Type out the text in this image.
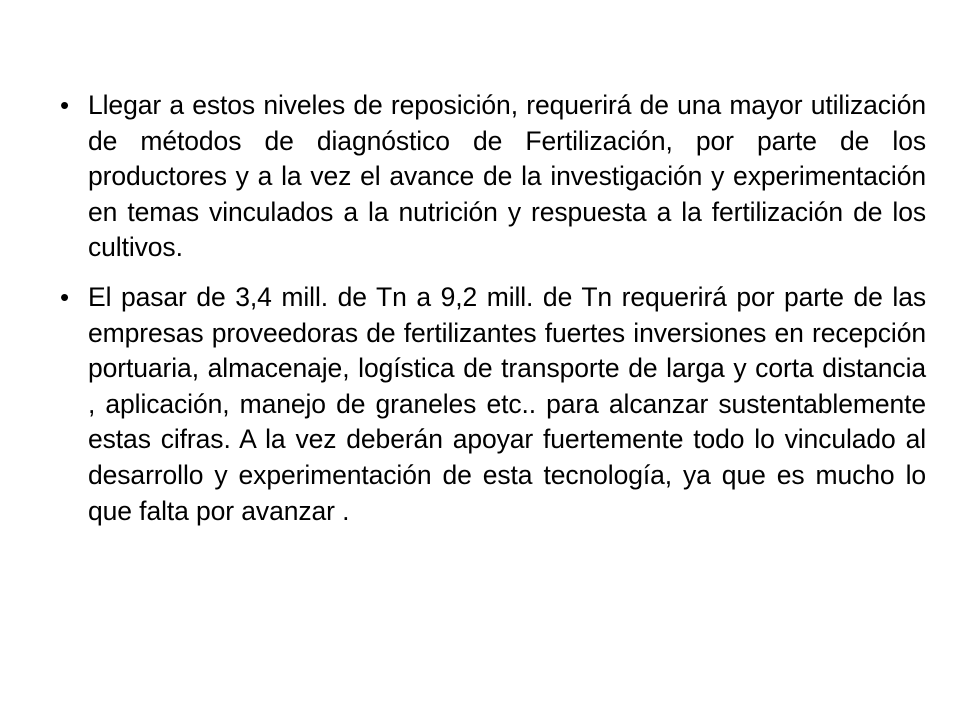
• Llegar a estos niveles de reposición, requerirá de una mayor utilización de métodos de diagnóstico de Fertilización, por parte de los productores y a la vez el avance de la investigación y experimentación en temas vinculados a la nutrición y respuesta a la fertilización de los cultivos.
• El pasar de 3,4 mill. de Tn a 9,2 mill. de Tn requerirá por parte de las empresas proveedoras de fertilizantes fuertes inversiones en recepción portuaria, almacenaje, logística de transporte de larga y corta distancia , aplicación, manejo de graneles etc.. para alcanzar sustentablemente estas cifras. A la vez deberán apoyar fuertemente todo lo vinculado al desarrollo y experimentación de esta tecnología, ya que es mucho lo que falta por avanzar .
